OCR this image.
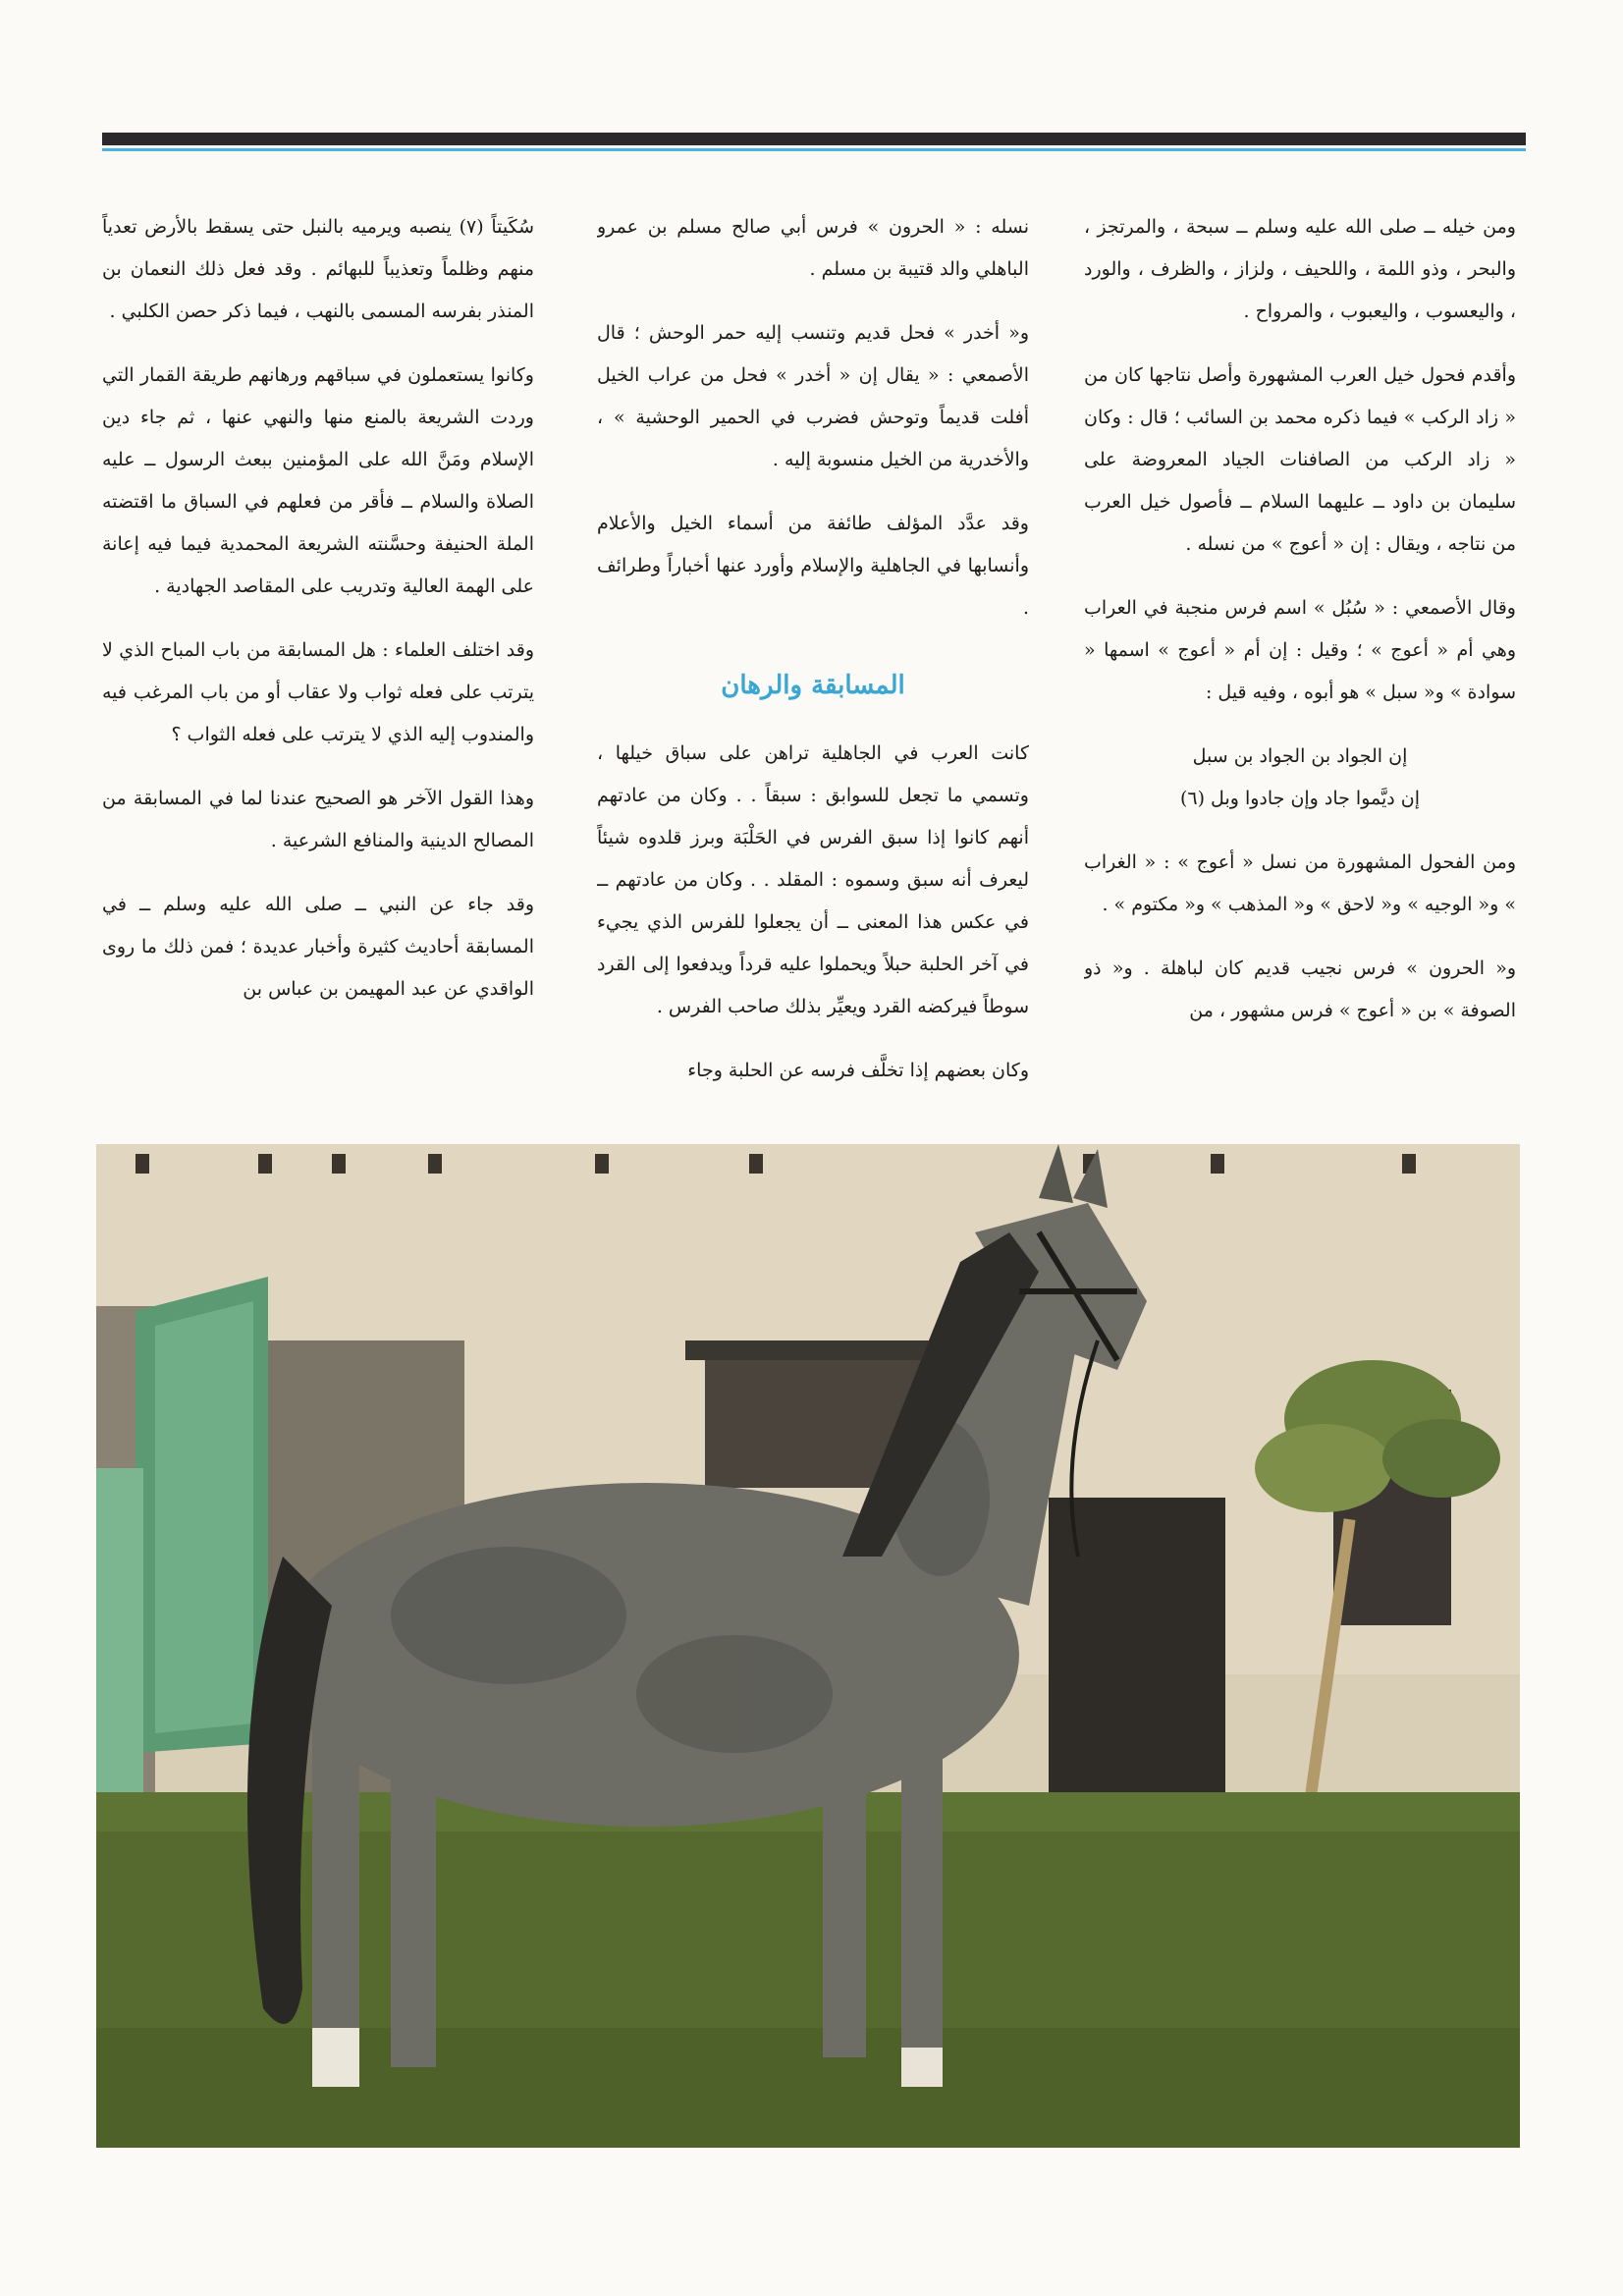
ومن خيله ــ صلى الله عليه وسلم ــ سبحة ، والمرتجز ، والبحر ، وذو اللمة ، واللحيف ، ولزاز ، والظرف ، والورد ، واليعسوب ، واليعبوب ، والمرواح .

وأقدم فحول خيل العرب المشهورة وأصل نتاجها كان من « زاد الركب » فيما ذكره محمد بن السائب ؛ قال : وكان « زاد الركب من الصافنات الجياد المعروضة على سليمان بن داود ــ عليهما السلام ــ فأصول خيل العرب من نتاجه ، ويقال : إن « أعوج » من نسله .

وقال الأصمعي : « سُبُل » اسم فرس منجبة في العراب وهي أم « أعوج » ؛ وقيل : إن أم « أعوج » اسمها « سوادة » و« سبل » هو أبوه ، وفيه قيل :

إن الجواد بن الجواد بن سبل
إن ديَّموا جاد وإن جادوا وبل (٦)

ومن الفحول المشهورة من نسل « أعوج » : « الغراب » و« الوجيه » و« لاحق » و« المذهب » و« مكتوم » .

و« الحرون » فرس نجيب قديم كان لباهلة . و« ذو الصوفة » بن « أعوج » فرس مشهور ، من

نسله : « الحرون » فرس أبي صالح مسلم بن عمرو الباهلي والد قتيبة بن مسلم .

و« أخدر » فحل قديم وتنسب إليه حمر الوحش ؛ قال الأصمعي : « يقال إن « أخدر » فحل من عراب الخيل أفلت قديماً وتوحش فضرب في الحمير الوحشية » ، والأخدرية من الخيل منسوبة إليه .

وقد عدَّد المؤلف طائفة من أسماء الخيل والأعلام وأنسابها في الجاهلية والإسلام وأورد عنها أخباراً وطرائف .

المسابقة والرهان

كانت العرب في الجاهلية تراهن على سباق خيلها ، وتسمي ما تجعل للسوابق : سبقاً . . وكان من عادتهم أنهم كانوا إذا سبق الفرس في الحَلْبَة وبرز قلدوه شيئاً ليعرف أنه سبق وسموه : المقلد . . وكان من عادتهم ــ في عكس هذا المعنى ــ أن يجعلوا للفرس الذي يجيء في آخر الحلبة حبلاً ويحملوا عليه قرداً ويدفعوا إلى القرد سوطاً فيركضه القرد ويعيِّر بذلك صاحب الفرس .

وكان بعضهم إذا تخلَّف فرسه عن الحلبة وجاء

سُكَيتاً (٧) ينصبه ويرميه بالنبل حتى يسقط بالأرض تعدياً منهم وظلماً وتعذيباً للبهائم . وقد فعل ذلك النعمان بن المنذر بفرسه المسمى بالنهب ، فيما ذكر حصن الكلبي .

وكانوا يستعملون في سباقهم ورهانهم طريقة القمار التي وردت الشريعة بالمنع منها والنهي عنها ، ثم جاء دين الإسلام ومَنَّ الله على المؤمنين ببعث الرسول ــ عليه الصلاة والسلام ــ فأقر من فعلهم في السباق ما اقتضته الملة الحنيفة وحسَّنته الشريعة المحمدية فيما فيه إعانة على الهمة العالية وتدريب على المقاصد الجهادية .

وقد اختلف العلماء : هل المسابقة من باب المباح الذي لا يترتب على فعله ثواب ولا عقاب أو من باب المرغب فيه والمندوب إليه الذي لا يترتب على فعله الثواب ؟

وهذا القول الآخر هو الصحيح عندنا لما في المسابقة من المصالح الدينية والمنافع الشرعية .

وقد جاء عن النبي ــ صلى الله عليه وسلم ــ في المسابقة أحاديث كثيرة وأخبار عديدة ؛ فمن ذلك ما روى الواقدي عن عبد المهيمن بن عباس بن
